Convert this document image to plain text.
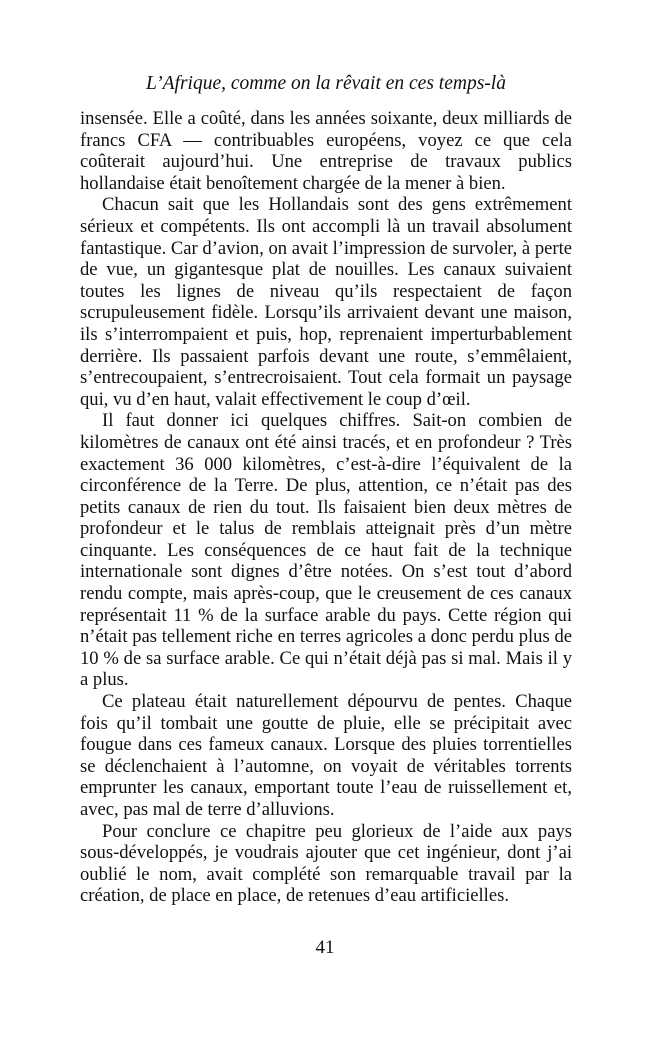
L’Afrique, comme on la rêvait en ces temps-là

insensée. Elle a coûté, dans les années soixante, deux milliards de francs CFA — contribuables européens, voyez ce que cela coûterait aujourd’hui. Une entreprise de travaux publics hollandaise était benoîtement chargée de la mener à bien.

Chacun sait que les Hollandais sont des gens extrêmement sérieux et compétents. Ils ont accompli là un travail absolument fantastique. Car d’avion, on avait l’impression de survoler, à perte de vue, un gigantesque plat de nouilles. Les canaux suivaient toutes les lignes de niveau qu’ils respectaient de façon scrupuleusement fidèle. Lorsqu’ils arrivaient devant une maison, ils s’interrompaient et puis, hop, reprenaient imperturbablement derrière. Ils passaient parfois devant une route, s’emmêlaient, s’entrecoupaient, s’entrecroisaient. Tout cela formait un paysage qui, vu d’en haut, valait effectivement le coup d’œil.

Il faut donner ici quelques chiffres. Sait-on combien de kilomètres de canaux ont été ainsi tracés, et en profondeur ? Très exactement 36 000 kilomètres, c’est-à-dire l’équivalent de la circonférence de la Terre. De plus, attention, ce n’était pas des petits canaux de rien du tout. Ils faisaient bien deux mètres de profondeur et le talus de remblais atteignait près d’un mètre cinquante. Les conséquences de ce haut fait de la technique internationale sont dignes d’être notées. On s’est tout d’abord rendu compte, mais après-coup, que le creusement de ces canaux représentait 11 % de la surface arable du pays. Cette région qui n’était pas tellement riche en terres agricoles a donc perdu plus de 10 % de sa surface arable. Ce qui n’était déjà pas si mal. Mais il y a plus.

Ce plateau était naturellement dépourvu de pentes. Chaque fois qu’il tombait une goutte de pluie, elle se précipitait avec fougue dans ces fameux canaux. Lorsque des pluies torrentielles se déclenchaient à l’automne, on voyait de véritables torrents emprunter les canaux, emportant toute l’eau de ruissellement et, avec, pas mal de terre d’alluvions.

Pour conclure ce chapitre peu glorieux de l’aide aux pays sous-développés, je voudrais ajouter que cet ingénieur, dont j’ai oublié le nom, avait complété son remarquable travail par la création, de place en place, de retenues d’eau artificielles.

41
